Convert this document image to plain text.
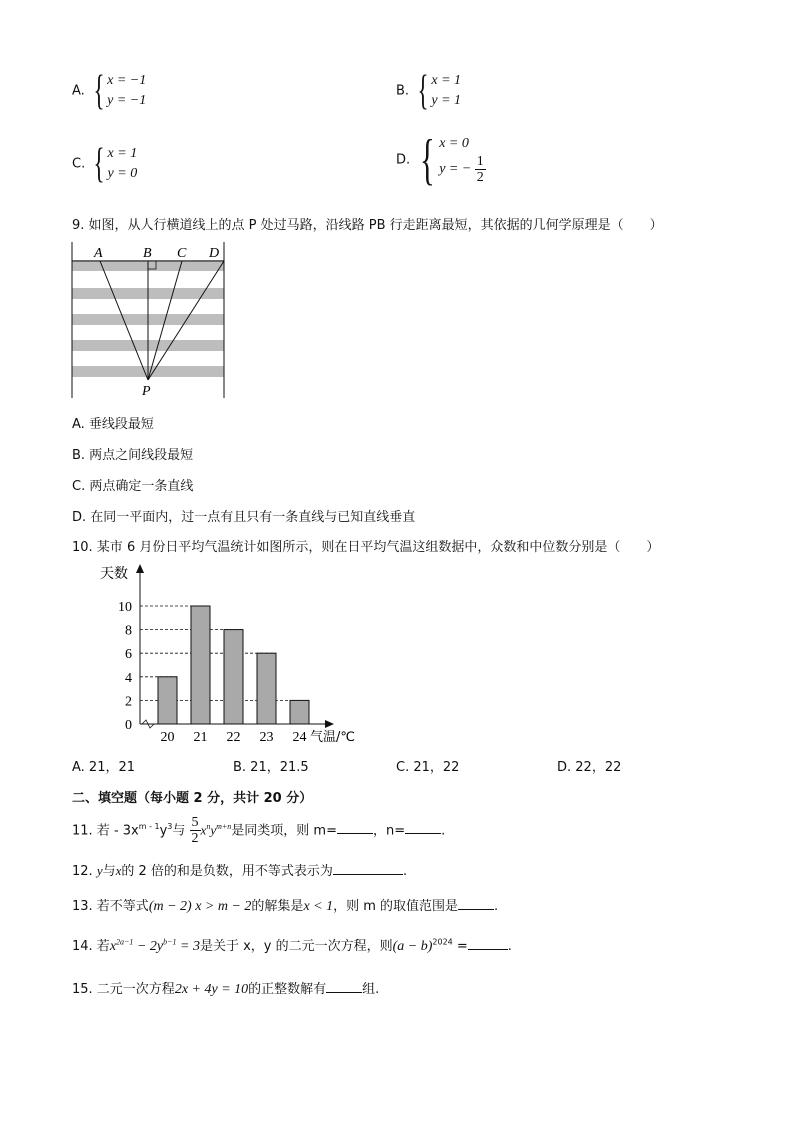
A. { x = −1
y = −1
B. { x = 1
y = 1
C. { x = 1
y = 0
D. { x = 0
y = − $\frac{1}{2}$
9. 如图，从人行横道线上的点 P 处过马路，沿线路 PB 行走距离最短，其依据的几何学原理是（　　）
A	B C D
P
A. 垂线段最短
B. 两点之间线段最短
C. 两点确定一条直线
D. 在同一平面内，过一点有且只有一条直线与已知直线垂直
10. 某市 6 月份日平均气温统计如图所示，则在日平均气温这组数据中，众数和中位数分别是（　　）
0
2
4
6
8
10
20 21 22 23 24
天数
气温/℃
A. 21，21	B. 21，21.5	C. 21，22	D. 22，22
二、填空题（每小题 2 分，共计 20 分）
11. 若 - $3x^{m - 1}y^3$与 $\frac{5}{2} x^ny^{m+n}$是同类项，则 m=	，n=	.
12. y与x的 2 倍的和是负数，用不等式表示为	.
13. 若不等式(m − 2) x > m − 2的解集是x < 1，则 m 的取值范围是	.
14. 若$x^{2a-1} - 2y^{b-1} = 3$是关于 x，y 的二元一次方程，则$(a - b)^{2024}$ =	.
15. 二元一次方程2x + 4y = 10的正整数解有	组.
